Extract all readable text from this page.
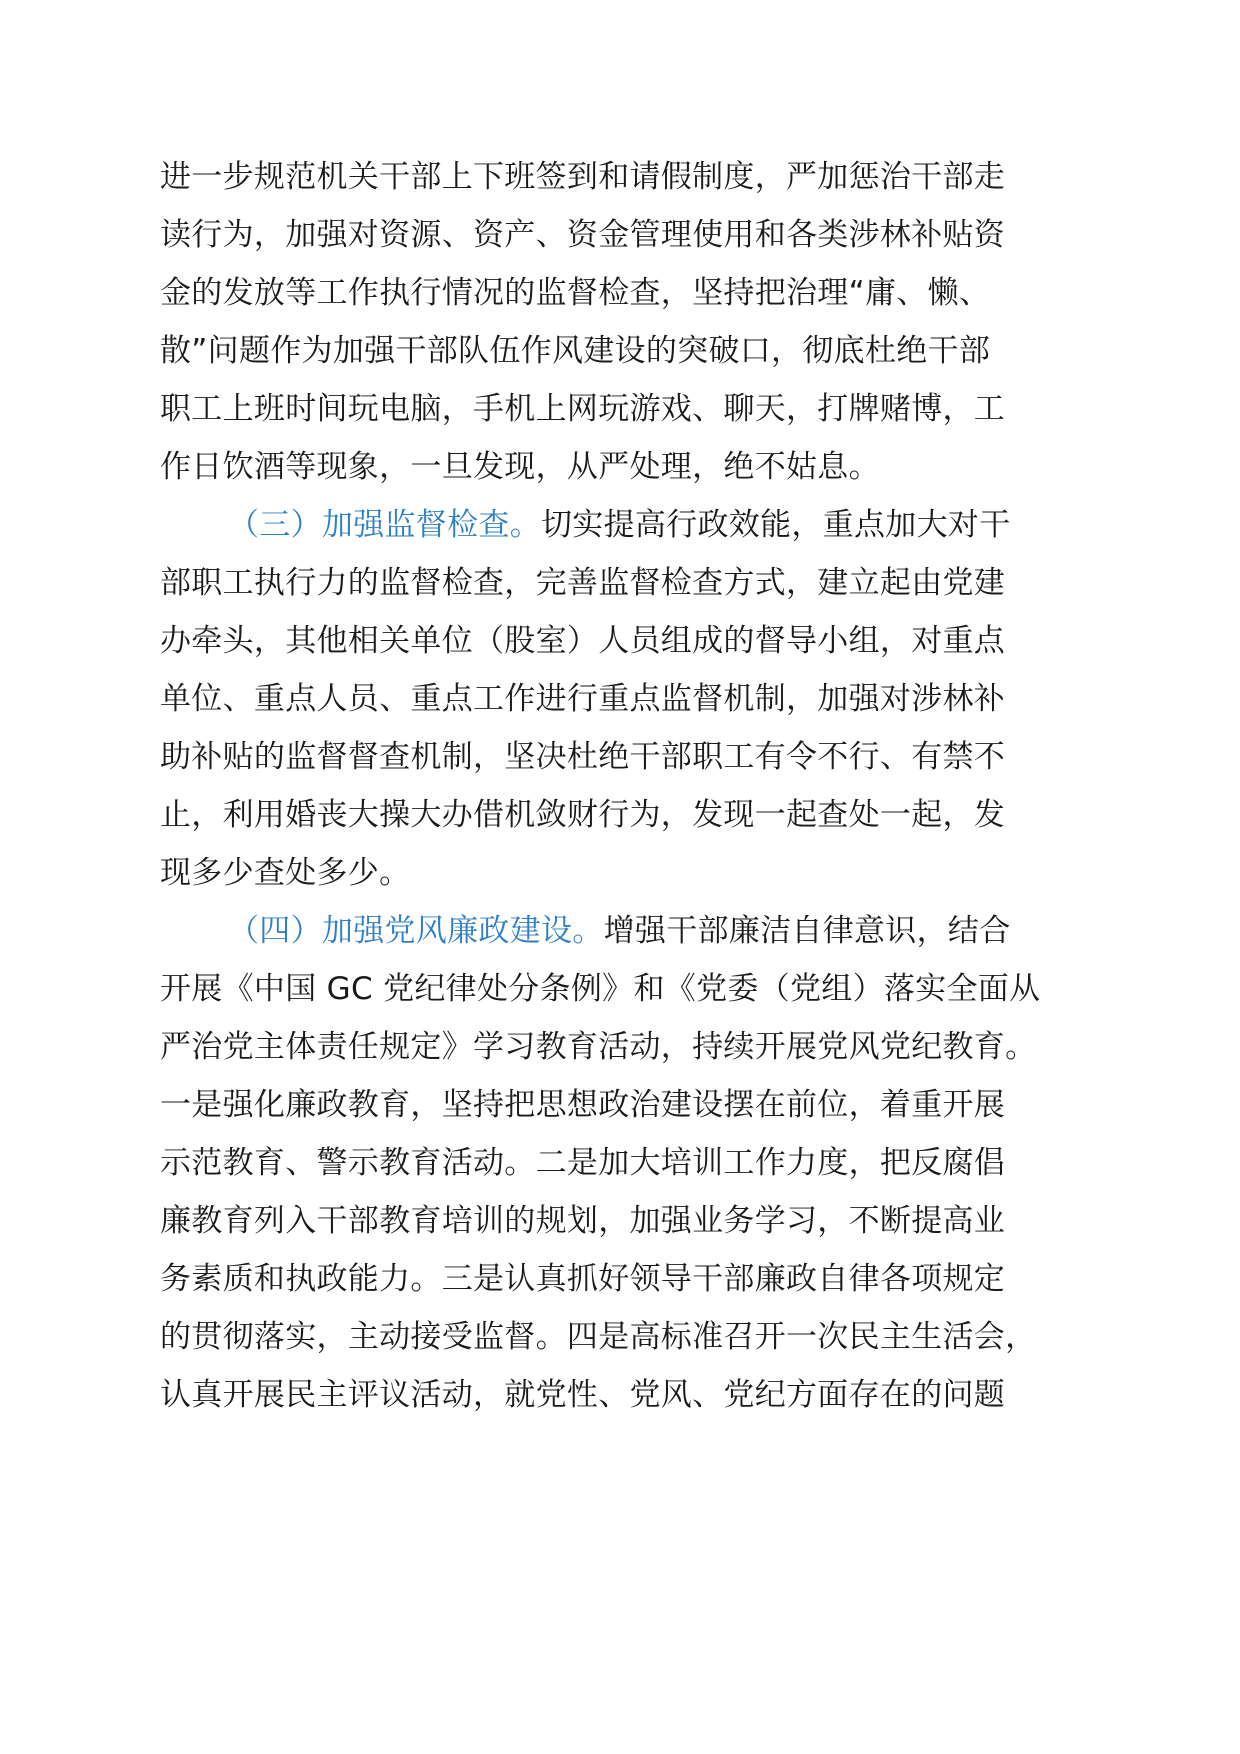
进一步规范机关干部上下班签到和请假制度，严加惩治干部走
读行为，加强对资源、资产、资金管理使用和各类涉林补贴资
金的发放等工作执行情况的监督检查，坚持把治理“庸、懒、
散”问题作为加强干部队伍作风建设的突破口，彻底杜绝干部
职工上班时间玩电脑，手机上网玩游戏、聊天，打牌赌博，工
作日饮酒等现象，一旦发现，从严处理，绝不姑息。
（三）加强监督检查。切实提高行政效能，重点加大对干
部职工执行力的监督检查，完善监督检查方式，建立起由党建
办牵头，其他相关单位（股室）人员组成的督导小组，对重点
单位、重点人员、重点工作进行重点监督机制，加强对涉林补
助补贴的监督督查机制，坚决杜绝干部职工有令不行、有禁不
止，利用婚丧大操大办借机敛财行为，发现一起查处一起，发
现多少查处多少。
（四）加强党风廉政建设。增强干部廉洁自律意识，结合
开展《中国 GC 党纪律处分条例》和《党委（党组）落实全面从
严治党主体责任规定》学习教育活动，持续开展党风党纪教育。
一是强化廉政教育，坚持把思想政治建设摆在前位，着重开展
示范教育、警示教育活动。二是加大培训工作力度，把反腐倡
廉教育列入干部教育培训的规划，加强业务学习，不断提高业
务素质和执政能力。三是认真抓好领导干部廉政自律各项规定
的贯彻落实，主动接受监督。四是高标准召开一次民主生活会，
认真开展民主评议活动，就党性、党风、党纪方面存在的问题
